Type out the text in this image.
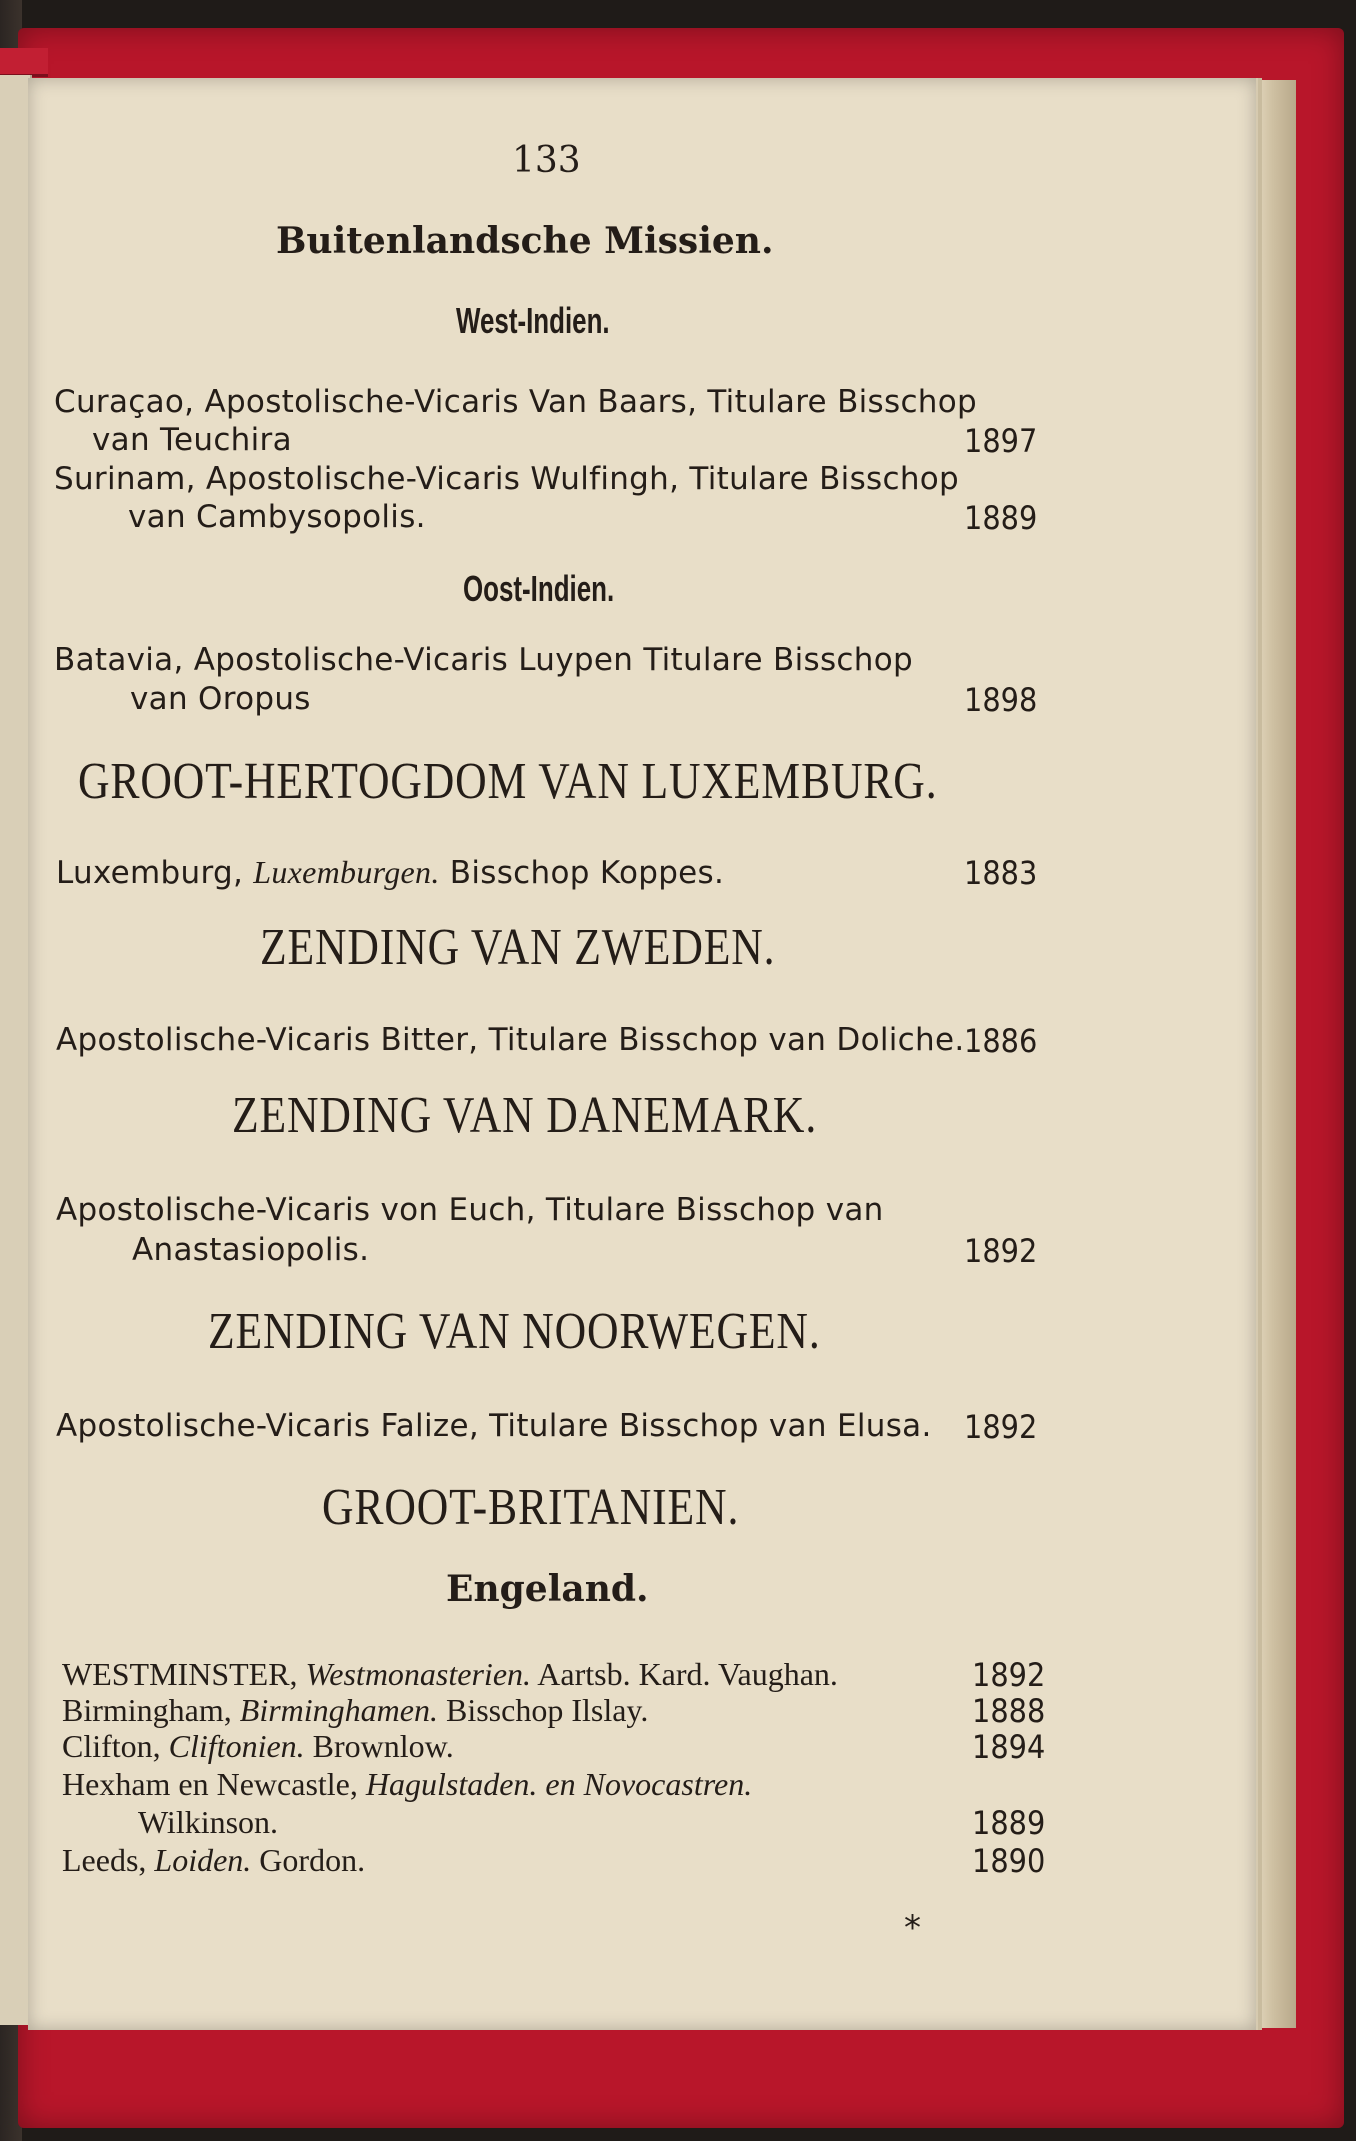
133
Buitenlandsche Missien.
West-Indien.
Curaçao, Apostolische-Vicaris Van Baars, Titulare Bisschop
van Teuchira	1897
Surinam, Apostolische-Vicaris Wulfingh, Titulare Bisschop
van Cambysopolis.	1889
Oost-Indien.
Batavia, Apostolische-Vicaris Luypen Titulare Bisschop
van Oropus	1898
GROOT-HERTOGDOM VAN LUXEMBURG.
Luxemburg, Luxemburgen. Bisschop Koppes.	1883
ZENDING VAN ZWEDEN.
Apostolische-Vicaris Bitter, Titulare Bisschop van Doliche. 1886
ZENDING VAN DANEMARK.
Apostolische-Vicaris von Euch, Titulare Bisschop van
Anastasiopolis.	1892
ZENDING VAN NOORWEGEN.
Apostolische-Vicaris Falize, Titulare Bisschop van Elusa. 1892
GROOT-BRITANIEN.
Engeland.
WESTMINSTER, Westmonasterien. Aartsb. Kard. Vaughan.	1892
Birmingham, Birminghamen. Bisschop Ilslay.	1888
Clifton, Cliftonien. Brownlow.	1894
Hexham en Newcastle, Hagulstaden. en Novocastren.
Wilkinson.	1889
Leeds, Loiden. Gordon.	1890
*
